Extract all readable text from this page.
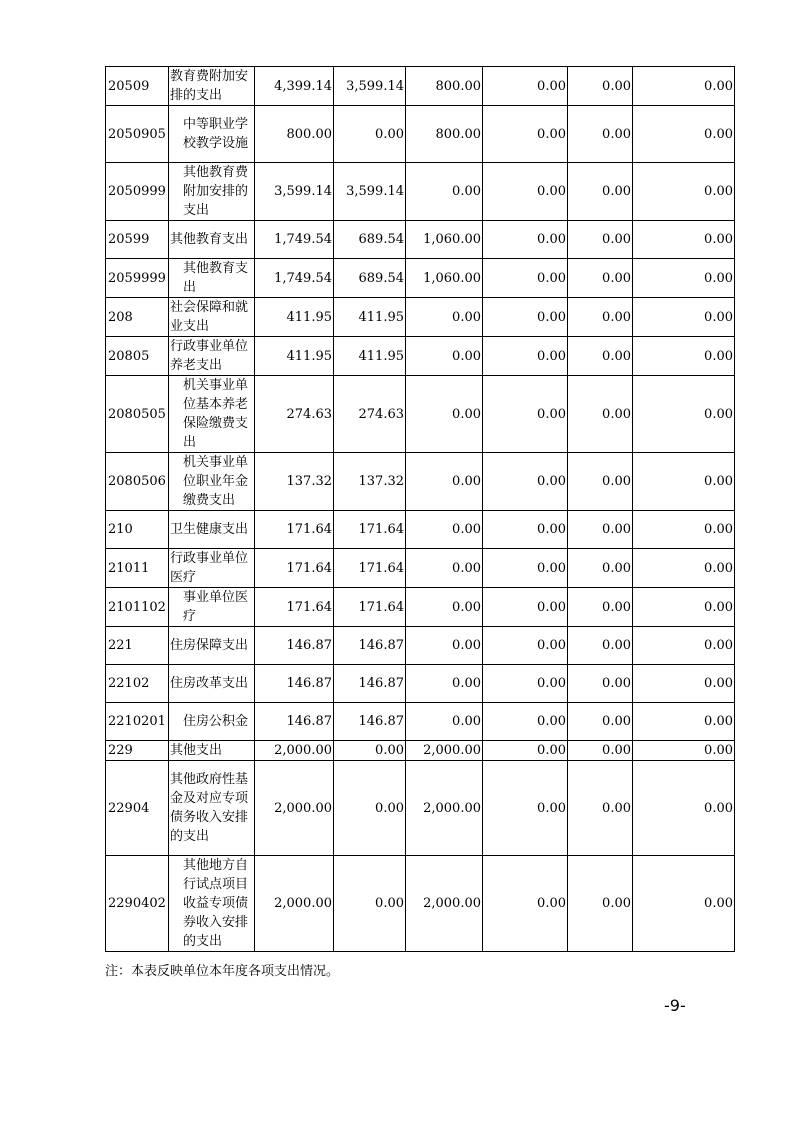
20509	教育费附加安排的支出	4,399.14	3,599.14	800.00	0.00	0.00	0.00
2050905	中等职业学校教学设施	800.00	0.00	800.00	0.00	0.00	0.00
2050999	其他教育费附加安排的支出	3,599.14	3,599.14	0.00	0.00	0.00	0.00
20599	其他教育支出	1,749.54	689.54	1,060.00	0.00	0.00	0.00
2059999	其他教育支出	1,749.54	689.54	1,060.00	0.00	0.00	0.00
208	社会保障和就业支出	411.95	411.95	0.00	0.00	0.00	0.00
20805	行政事业单位养老支出	411.95	411.95	0.00	0.00	0.00	0.00
2080505	机关事业单位基本养老保险缴费支出	274.63	274.63	0.00	0.00	0.00	0.00
2080506	机关事业单位职业年金缴费支出	137.32	137.32	0.00	0.00	0.00	0.00
210	卫生健康支出	171.64	171.64	0.00	0.00	0.00	0.00
21011	行政事业单位医疗	171.64	171.64	0.00	0.00	0.00	0.00
2101102	事业单位医疗	171.64	171.64	0.00	0.00	0.00	0.00
221	住房保障支出	146.87	146.87	0.00	0.00	0.00	0.00
22102	住房改革支出	146.87	146.87	0.00	0.00	0.00	0.00
2210201	住房公积金	146.87	146.87	0.00	0.00	0.00	0.00
229	其他支出	2,000.00	0.00	2,000.00	0.00	0.00	0.00
22904	其他政府性基金及对应专项债务收入安排的支出	2,000.00	0.00	2,000.00	0.00	0.00	0.00
2290402	其他地方自行试点项目收益专项债券收入安排的支出	2,000.00	0.00	2,000.00	0.00	0.00	0.00
注：本表反映单位本年度各项支出情况。
-9-
